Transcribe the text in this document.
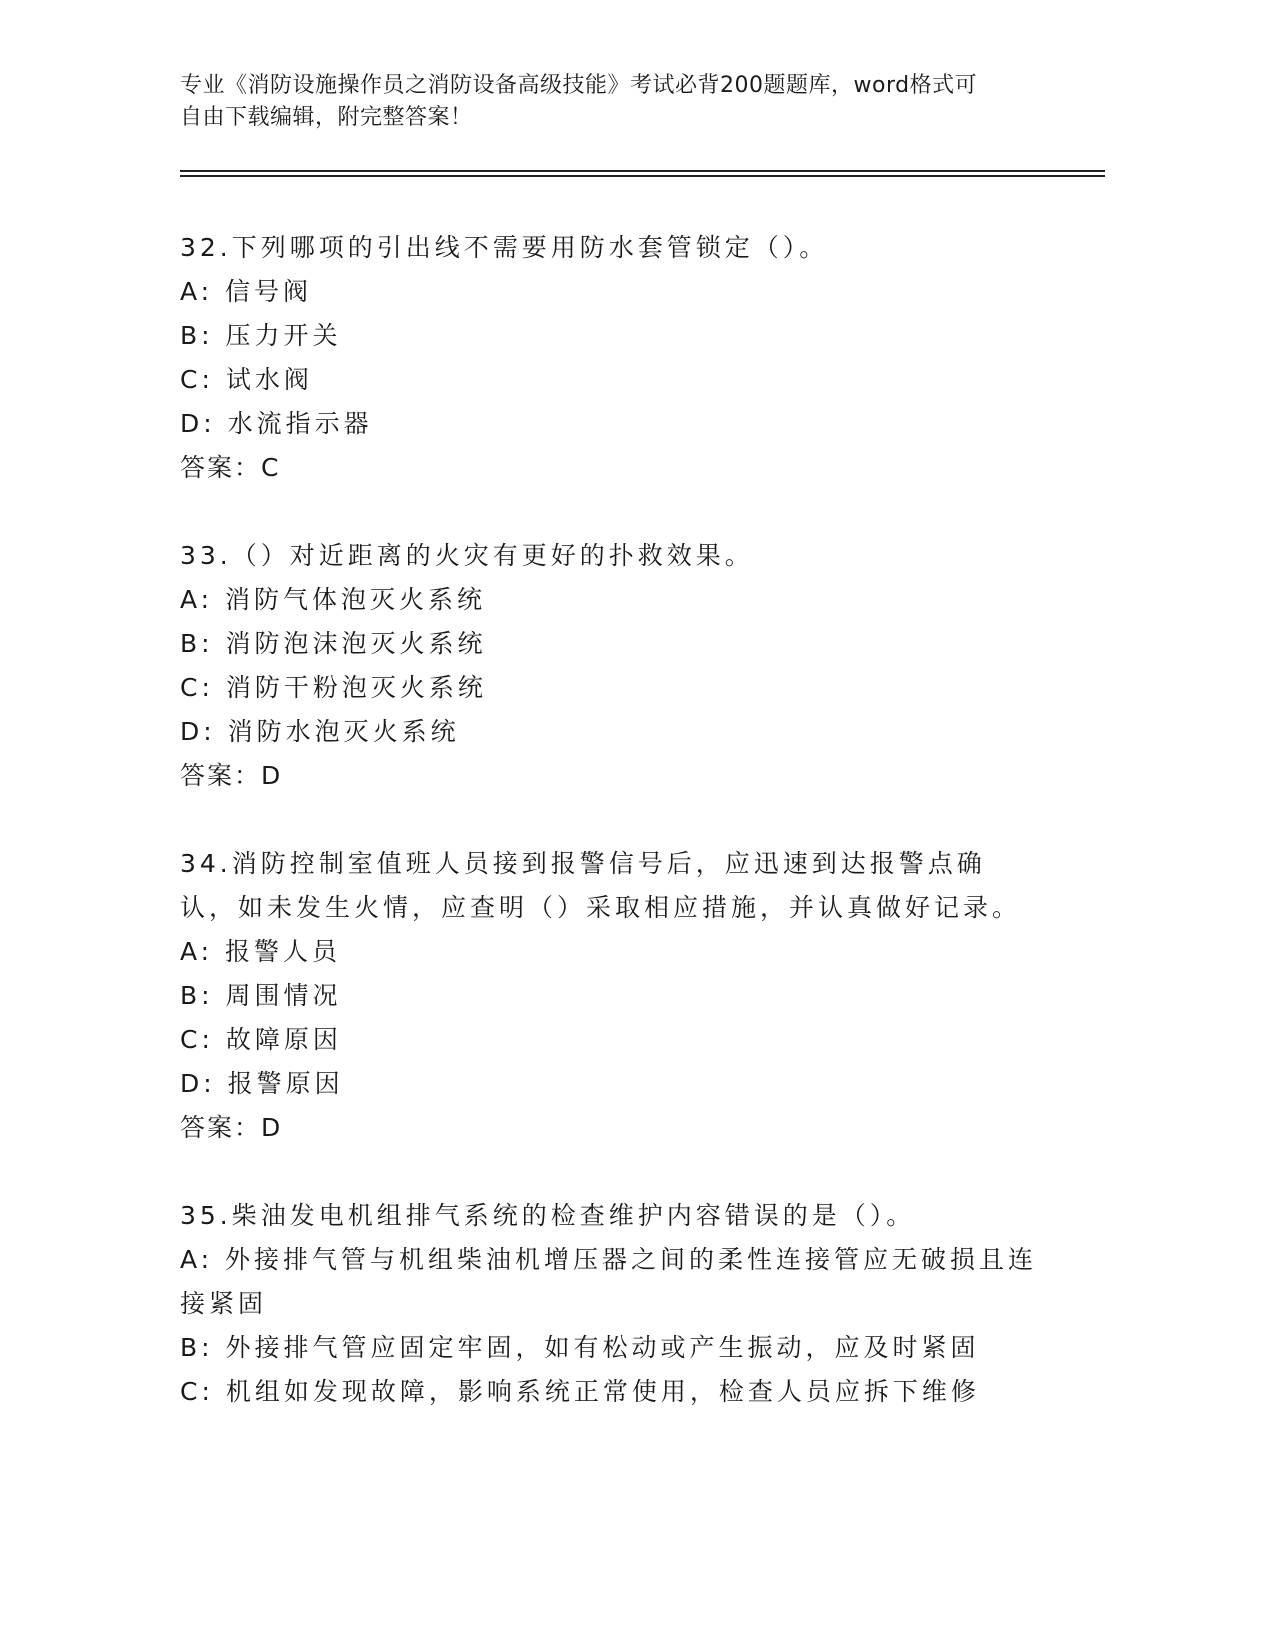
专业《消防设施操作员之消防设备高级技能》考试必背200题题库，word格式可
自由下载编辑，附完整答案！
32.下列哪项的引出线不需要用防水套管锁定（）。
A: 信号阀
B: 压力开关
C: 试水阀
D: 水流指示器
答案：C
33.（）对近距离的火灾有更好的扑救效果。
A: 消防气体泡灭火系统
B: 消防泡沫泡灭火系统
C: 消防干粉泡灭火系统
D: 消防水泡灭火系统
答案：D
34.消防控制室值班人员接到报警信号后，应迅速到达报警点确认，如未发生火情，应查明（）采取相应措施，并认真做好记录。
A: 报警人员
B: 周围情况
C: 故障原因
D: 报警原因
答案：D
35.柴油发电机组排气系统的检查维护内容错误的是（）。
A: 外接排气管与机组柴油机增压器之间的柔性连接管应无破损且连接紧固
B: 外接排气管应固定牢固，如有松动或产生振动，应及时紧固
C: 机组如发现故障，影响系统正常使用，检查人员应拆下维修
